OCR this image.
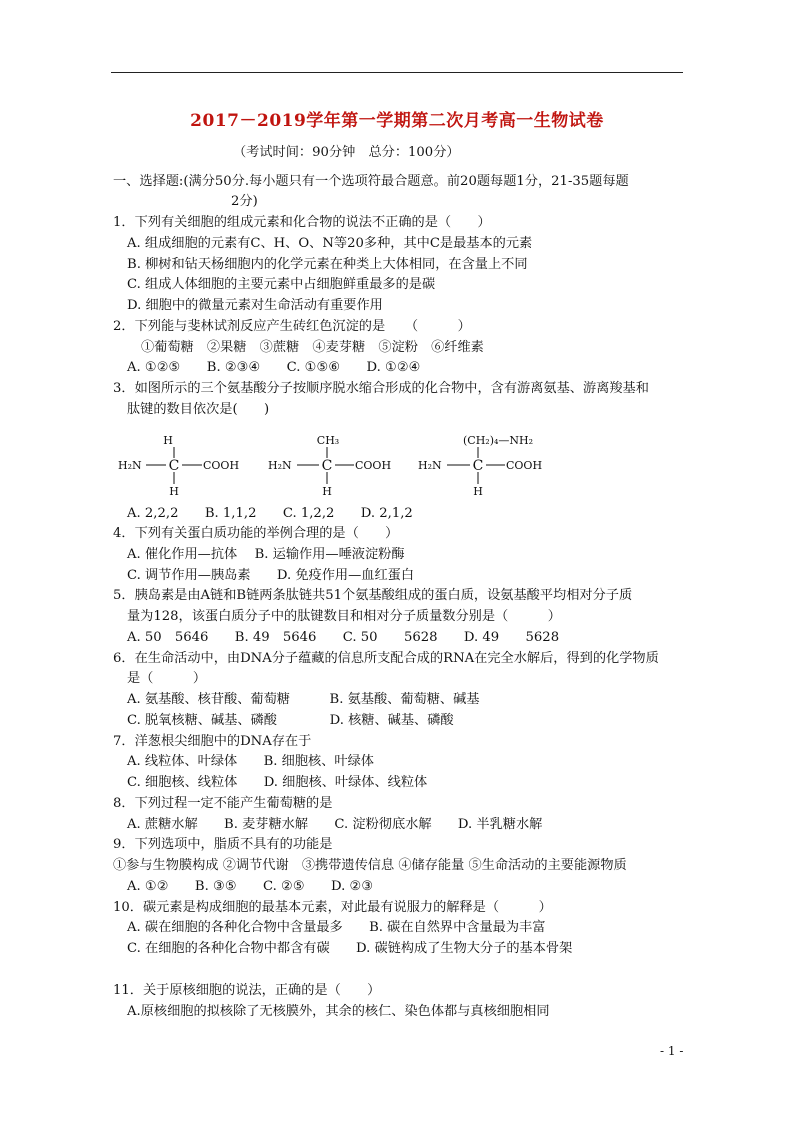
2017－2019学年第一学期第二次月考高一生物试卷
（考试时间：90分钟　总分：100分）
一、选择题:(满分50分.每小题只有一个选项符最合题意。前20题每题1分，21-35题每题
2分)
1．下列有关细胞的组成元素和化合物的说法不正确的是（　　）
A. 组成细胞的元素有C、H、O、N等20多种，其中C是最基本的元素
B. 柳树和钻天杨细胞内的化学元素在种类上大体相同，在含量上不同
C. 组成人体细胞的主要元素中占细胞鲜重最多的是碳
D. 细胞中的微量元素对生命活动有重要作用
2．下列能与斐林试剂反应产生砖红色沉淀的是　　（　　　）
①葡萄糖　②果糖　③蔗糖　④麦芽糖　⑤淀粉　⑥纤维素
A. ①②⑤　　B. ②③④　　C. ①⑤⑥　　D. ①②④
3．如图所示的三个氨基酸分子按顺序脱水缩合形成的化合物中，含有游离氨基、游离羧基和
肽键的数目依次是(　　)
H
H₂N C COOH
H
CH₃
H₂N C COOH
H
(CH₂)₄—NH₂
H₂N C COOH
H
A. 2,2,2　　B. 1,1,2　　C. 1,2,2　　D. 2,1,2
4．下列有关蛋白质功能的举例合理的是（　　）
A. 催化作用—抗体　 B. 运输作用—唾液淀粉酶
C. 调节作用—胰岛素　　D. 免疫作用—血红蛋白
5．胰岛素是由A链和B链两条肽链共51个氨基酸组成的蛋白质，设氨基酸平均相对分子质
量为128，该蛋白质分子中的肽键数目和相对分子质量数分别是（　　　）
A. 50　5646　　B. 49　5646　　C. 50　　5628　　D. 49　　5628
6．在生命活动中，由DNA分子蕴藏的信息所支配合成的RNA在完全水解后，得到的化学物质
是（　　　）
A. 氨基酸、核苷酸、葡萄糖　　　B. 氨基酸、葡萄糖、碱基
C. 脱氧核糖、碱基、磷酸　　　　D. 核糖、碱基、磷酸
7．洋葱根尖细胞中的DNA存在于
A. 线粒体、叶绿体　　B. 细胞核、叶绿体
C. 细胞核、线粒体　　D. 细胞核、叶绿体、线粒体
8．下列过程一定不能产生葡萄糖的是
A. 蔗糖水解　　B. 麦芽糖水解　　C. 淀粉彻底水解　　D. 半乳糖水解
9．下列选项中，脂质不具有的功能是
①参与生物膜构成 ②调节代谢　③携带遗传信息 ④储存能量 ⑤生命活动的主要能源物质
A. ①②　　B. ③⑤　　C. ②⑤　　D. ②③
10．碳元素是构成细胞的最基本元素，对此最有说服力的解释是（　　　）
A. 碳在细胞的各种化合物中含量最多　　B. 碳在自然界中含量最为丰富
C. 在细胞的各种化合物中都含有碳　　D. 碳链构成了生物大分子的基本骨架
11．关于原核细胞的说法，正确的是（　　）
A.原核细胞的拟核除了无核膜外，其余的核仁、染色体都与真核细胞相同
- 1 -
